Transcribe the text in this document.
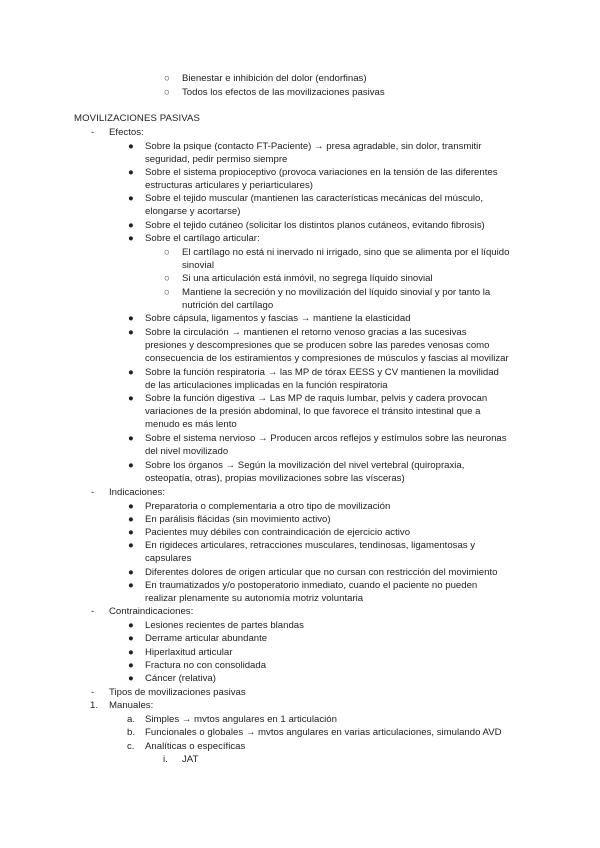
○ Bienestar e inhibición del dolor (endorfinas)
○ Todos los efectos de las movilizaciones pasivas
MOVILIZACIONES PASIVAS
- Efectos:
● Sobre la psique (contacto FT-Paciente) → presa agradable, sin dolor, transmitir
seguridad, pedir permiso siempre
● Sobre el sistema propioceptivo (provoca variaciones en la tensión de las diferentes
estructuras articulares y periarticulares)
● Sobre el tejido muscular (mantienen las características mecánicas del músculo,
elongarse y acortarse)
● Sobre el tejido cutáneo (solicitar los distintos planos cutáneos, evitando fibrosis)
● Sobre el cartílago articular:
○ El cartílago no está ni inervado ni irrigado, sino que se alimenta por el líquido
sinovial
○ Si una articulación está inmóvil, no segrega líquido sinovial
○ Mantiene la secreción y no movilización del líquido sinovial y por tanto la
nutrición del cartílago
● Sobre cápsula, ligamentos y fascias → mantiene la elasticidad
● Sobre la circulación → mantienen el retorno venoso gracias a las sucesivas
presiones y descompresiones que se producen sobre las paredes venosas como
consecuencia de los estiramientos y compresiones de músculos y fascias al movilizar
● Sobre la función respiratoria → las MP de tórax EESS y CV mantienen la movilidad
de las articulaciones implicadas en la función respiratoria
● Sobre la función digestiva → Las MP de raquis lumbar, pelvis y cadera provocan
variaciones de la presión abdominal, lo que favorece el tránsito intestinal que a
menudo es más lento
● Sobre el sistema nervioso → Producen arcos reflejos y estímulos sobre las neuronas
del nivel movilizado
● Sobre los órganos → Según la movilización del nivel vertebral (quiropraxia,
osteopatía, otras), propias movilizaciones sobre las vísceras)
- Indicaciones:
● Preparatoria o complementaria a otro tipo de movilización
● En parálisis flácidas (sin movimiento activo)
● Pacientes muy débiles con contraindicación de ejercicio activo
● En rigideces articulares, retracciones musculares, tendinosas, ligamentosas y
capsulares
● Diferentes dolores de origen articular que no cursan con restricción del movimiento
● En traumatizados y/o postoperatorio inmediato, cuando el paciente no pueden
realizar plenamente su autonomía motriz voluntaria
- Contraindicaciones:
● Lesiones recientes de partes blandas
● Derrame articular abundante
● Hiperlaxitud articular
● Fractura no con consolidada
● Cáncer (relativa)
- Tipos de movilizaciones pasivas
1. Manuales:
a. Simples → mvtos angulares en 1 articulación
b. Funcionales o globales → mvtos angulares en varias articulaciones, simulando AVD
c. Analíticas o específicas
i. JAT
